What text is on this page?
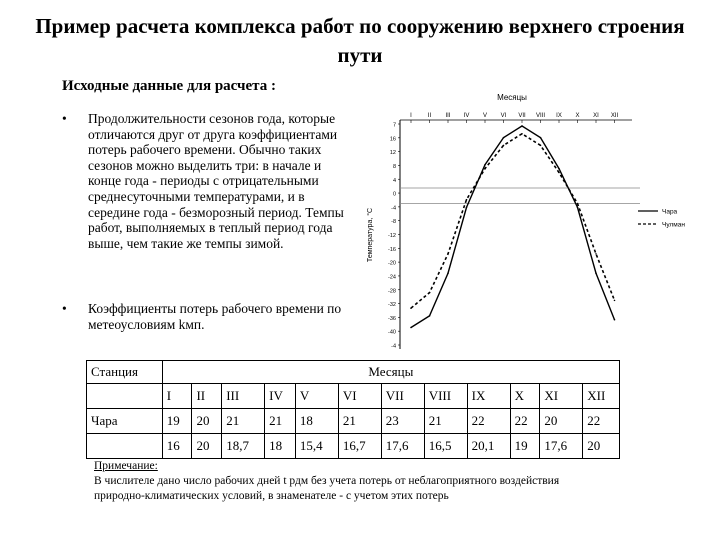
Пример расчета комплекса работ по сооружению верхнего строения пути
Исходные данные для расчета :
• Продолжительности сезонов года, которые отличаются друг от друга коэффициентами потерь рабочего времени. Обычно таких сезонов можно выделить три: в начале и конце года - периоды с отрицательными среднесуточными температурами, и в середине года - безморозный период. Темпы работ, выполняемых в теплый период года выше, чем такие же темпы зимой.
• Коэффициенты потерь рабочего времени по метеоусловиям kмп.
Месяцы
Температура, °С
7
16
12
8
4
0
-4
-8
-12
-16
-20
-24
-28
-32
-36
-40
-4
I	II III IV V VI VII VIII IX X XI XII
Чара
Чулман
Станция	Месяцы											
	I	II	III	IV	V	VI	VII	VIII	IX	X	XI	XII
Чара	19	20	21	21	18	21	23	21	22	22	20	22
	16	20	18,7	18	15,4	16,7	17,6	16,5	20,1	19	17,6	20
Примечание:
В числителе дано число рабочих дней t рдм без учета потерь от неблагоприятного воздействия
природно-климатических условий, в знаменателе - с учетом этих потерь
